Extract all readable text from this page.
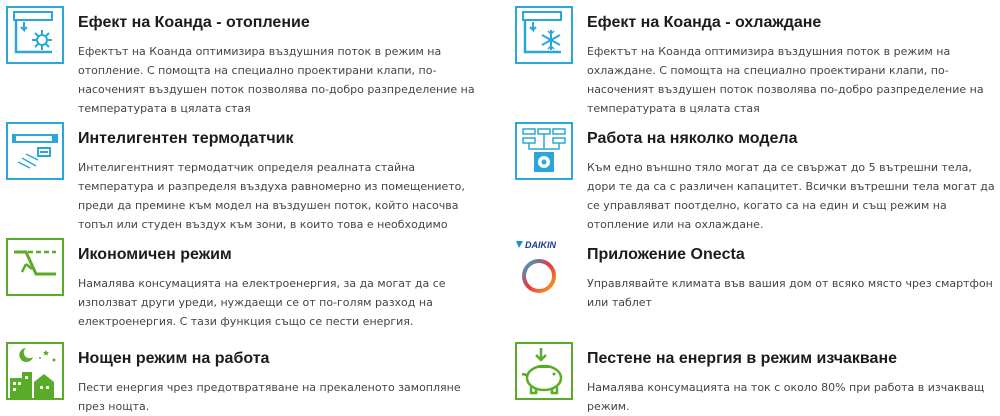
Ефект на Коанда - отопление
Ефектът на Коанда оптимизира въздушния поток в режим на отопление. С помощта на специално проектирани клапи, по-насоченият въздушен поток позволява по-добро разпределение на температурата в цялата стая
Ефект на Коанда - охлаждане
Ефектът на Коанда оптимизира въздушния поток в режим на охлаждане. С помощта на специално проектирани клапи, по-насоченият въздушен поток позволява по-добро разпределение на температурата в цялата стая
Интелигентен термодатчик
Интелигентният термодатчик определя реалната стайна температура и разпределя въздуха равномерно из помещението, преди да премине към модел на въздушен поток, който насочва топъл или студен въздух към зони, в които това е необходимо
Работа на няколко модела
Към едно външно тяло могат да се свържат до 5 вътрешни тела, дори те да са с различен капацитет. Всички вътрешни тела могат да се управляват поотделно, когато са на един и същ режим на отопление или на охлаждане.
Икономичен режим
Намалява консумацията на електроенергия, за да могат да се използват други уреди, нуждаещи се от по-голям разход на електроенергия. С тази функция също се пести енергия.
DAIKIN
Приложение Onecta
Управлявайте климата във вашия дом от всяко място чрез смартфон или таблет
Нощен режим на работа
Пести енергия чрез предотвратяване на прекаленото замопляне през нощта.
Пестене на енергия в режим изчакване
Намалява консумацията на ток с около 80% при работа в изчакващ режим.
